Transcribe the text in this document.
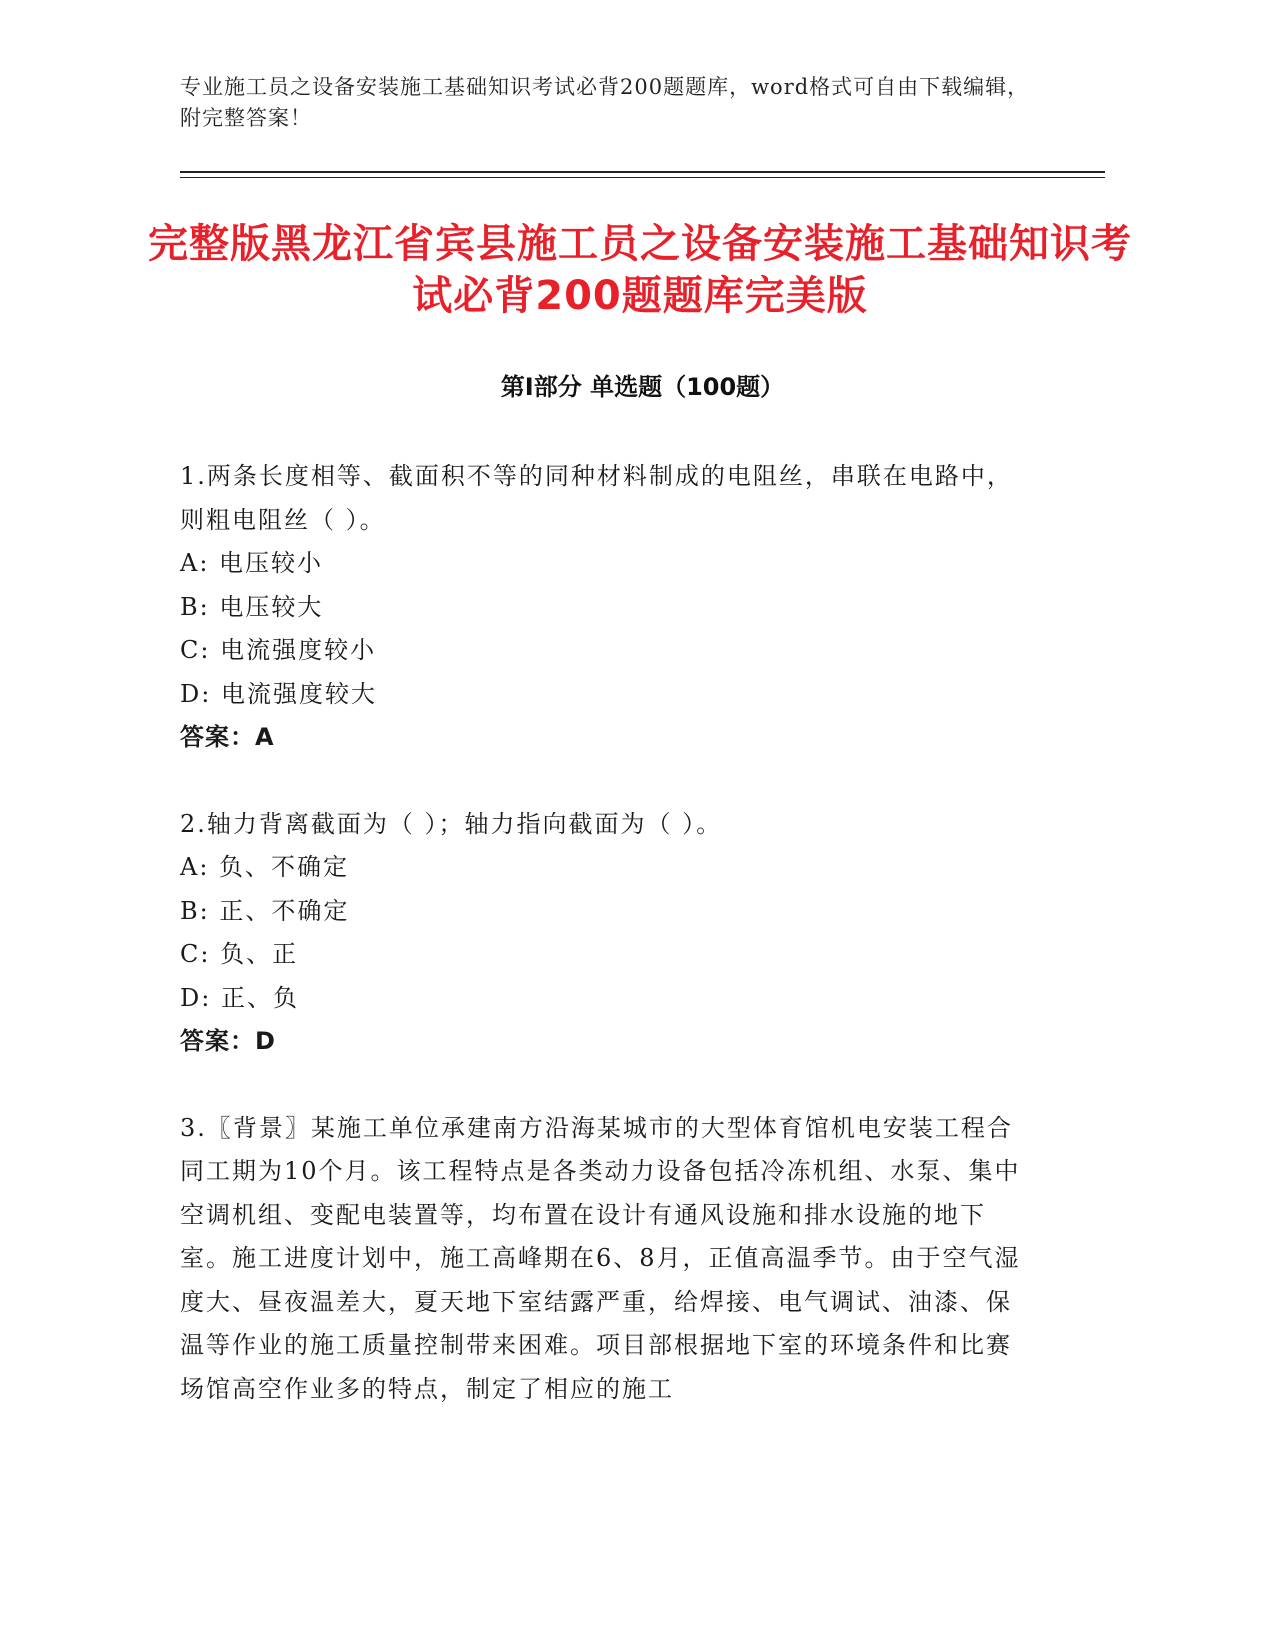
专业施工员之设备安装施工基础知识考试必背200题题库，word格式可自由下载编辑，附完整答案！
完整版黑龙江省宾县施工员之设备安装施工基础知识考试必背200题题库完美版
第I部分 单选题（100题）

1.两条长度相等、截面积不等的同种材料制成的电阻丝，串联在电路中，则粗电阻丝（ ）。

A: 电压较小

B: 电压较大

C: 电流强度较小

D: 电流强度较大

答案：A

2.轴力背离截面为（ ）；轴力指向截面为（ ）。

A: 负、不确定

B: 正、不确定

C: 负、正

D: 正、负

答案：D

3.〖背景〗某施工单位承建南方沿海某城市的大型体育馆机电安装工程合同工期为10个月。该工程特点是各类动力设备包括冷冻机组、水泵、集中空调机组、变配电装置等，均布置在设计有通风设施和排水设施的地下室。施工进度计划中，施工高峰期在6、8月，正值高温季节。由于空气湿度大、昼夜温差大，夏天地下室结露严重，给焊接、电气调试、油漆、保温等作业的施工质量控制带来困难。项目部根据地下室的环境条件和比赛场馆高空作业多的特点，制定了相应的施工
